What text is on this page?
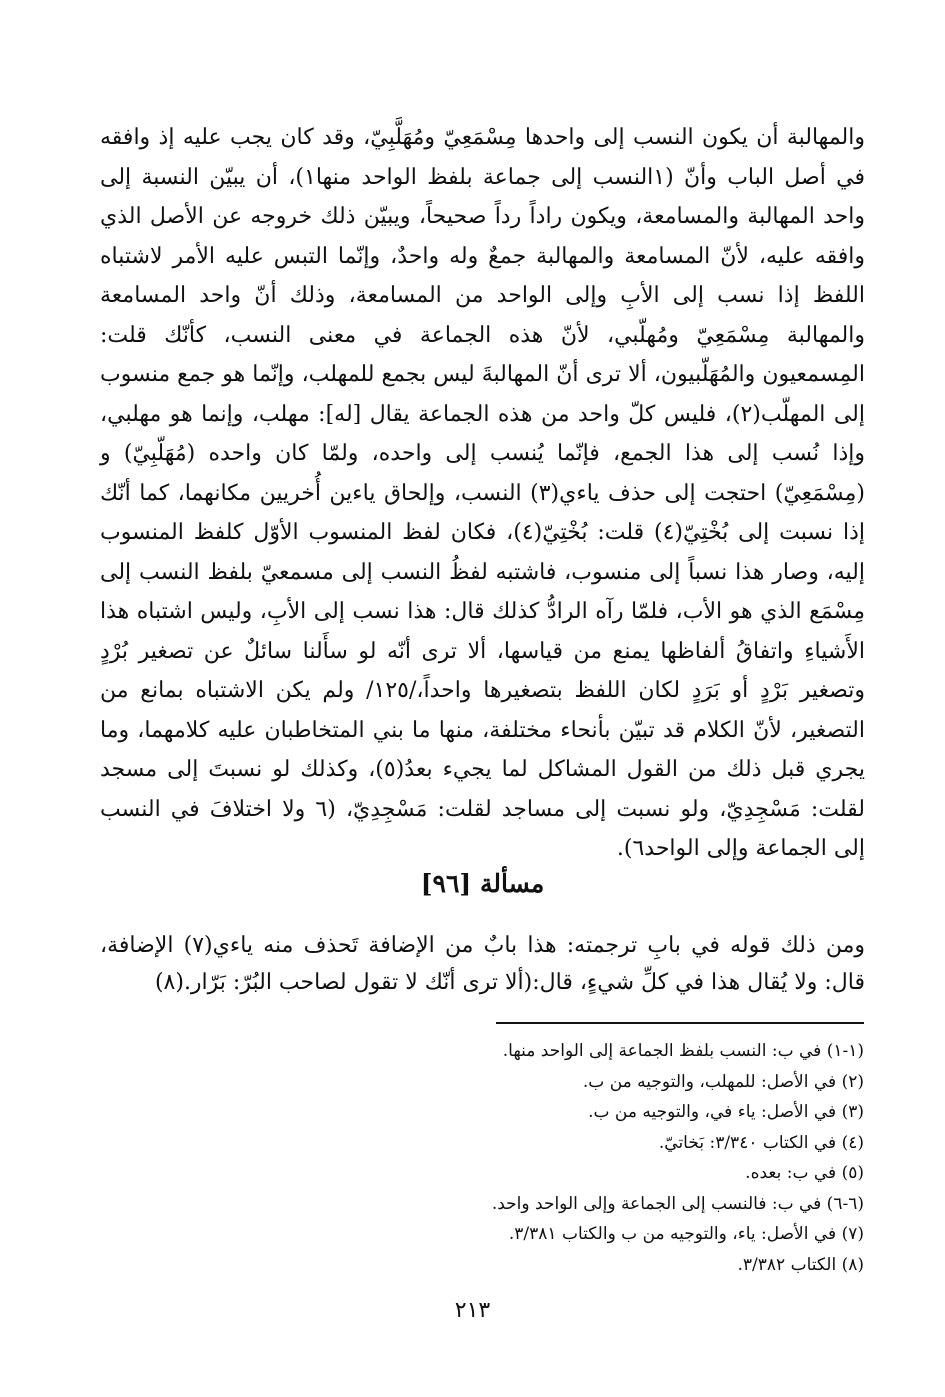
والمهالبة أن يكون النسب إلى واحدها مِسْمَعِيّ ومُهَلَّبِيّ، وقد كان يجب عليه إذ وافقه في أصل الباب وأنّ (١النسب إلى جماعة بلفظ الواحد منها١)، أن يبيّن النسبة إلى واحد المهالبة والمسامعة، ويكون راداً رداً صحيحاً، ويبيّن ذلك خروجه عن الأصل الذي وافقه عليه، لأنّ المسامعة والمهالبة جمعٌ وله واحدٌ، وإنّما التبس عليه الأمر لاشتباه اللفظ إذا نسب إلى الأبِ وإلى الواحد من المسامعة، وذلك أنّ واحد المسامعة والمهالبة مِسْمَعِيّ ومُهلّبي، لأنّ هذه الجماعة في معنى النسب، كأنّك قلت: المِسمعيون والمُهَلّبيون، ألا ترى أنّ المهالبةَ ليس بجمع للمهلب، وإنّما هو جمع منسوب إلى المهلّب(٢)، فليس كلّ واحد من هذه الجماعة يقال [له]: مهلب، وإنما هو مهلبي، وإذا نُسب إلى هذا الجمع، فإنّما يُنسب إلى واحده، ولمّا كان واحده (مُهَلّبِيّ) و (مِسْمَعِيّ) احتجت إلى حذف ياءي(٣) النسب، وإلحاق ياءين أُخريين مكانهما، كما أنّك إذا نسبت إلى بُخْتِيّ(٤) قلت: بُخْتِيّ(٤)، فكان لفظ المنسوب الأوّل كلفظ المنسوب إليه، وصار هذا نسباً إلى منسوب، فاشتبه لفظُ النسب إلى مسمعيّ بلفظ النسب إلى مِسْمَع الذي هو الأب، فلمّا رآه الرادُّ كذلك قال: هذا نسب إلى الأبِ، وليس اشتباه هذا الأَشياءِ واتفاقُ ألفاظها يمنع من قياسها، ألا ترى أنّه لو سأَلنا سائلٌ عن تصغير بُرْدٍ وتصغير بَرْدٍ أو بَرَدٍ لكان اللفظ بتصغيرها واحداً،/١٢٥/ ولم يكن الاشتباه بمانع من التصغير، لأنّ الكلام قد تبيّن بأنحاء مختلفة، منها ما بني المتخاطبان عليه كلامهما، وما يجري قبل ذلك من القول المشاكل لما يجيء بعدُ(٥)، وكذلك لو نسبتَ إلى مسجد لقلت: مَسْجِدِيّ، ولو نسبت إلى مساجد لقلت: مَسْجِدِيّ، (٦ ولا اختلافَ في النسب إلى الجماعة وإلى الواحد٦).

مسألة [٩٦]

ومن ذلك قوله في بابِ ترجمته: هذا بابٌ من الإضافة تَحذف منه ياءي(٧) الإضافة، قال: ولا يُقال هذا في كلِّ شيءٍ، قال:(ألا ترى أنّك لا تقول لصاحب البُرّ: بَرّار.(٨)

(١-١) في ب: النسب بلفظ الجماعة إلى الواحد منها.
(٢) في الأصل: للمهلب، والتوجيه من ب.
(٣) في الأصل: ياء في، والتوجيه من ب.
(٤) في الكتاب ٣/٣٤٠: بَخاتيّ.
(٥) في ب: بعده.
(٦-٦) في ب: فالنسب إلى الجماعة وإلى الواحد واحد.
(٧) في الأصل: ياء، والتوجيه من ب والكتاب ٣/٣٨١.
(٨) الكتاب ٣/٣٨٢.
٢١٣
